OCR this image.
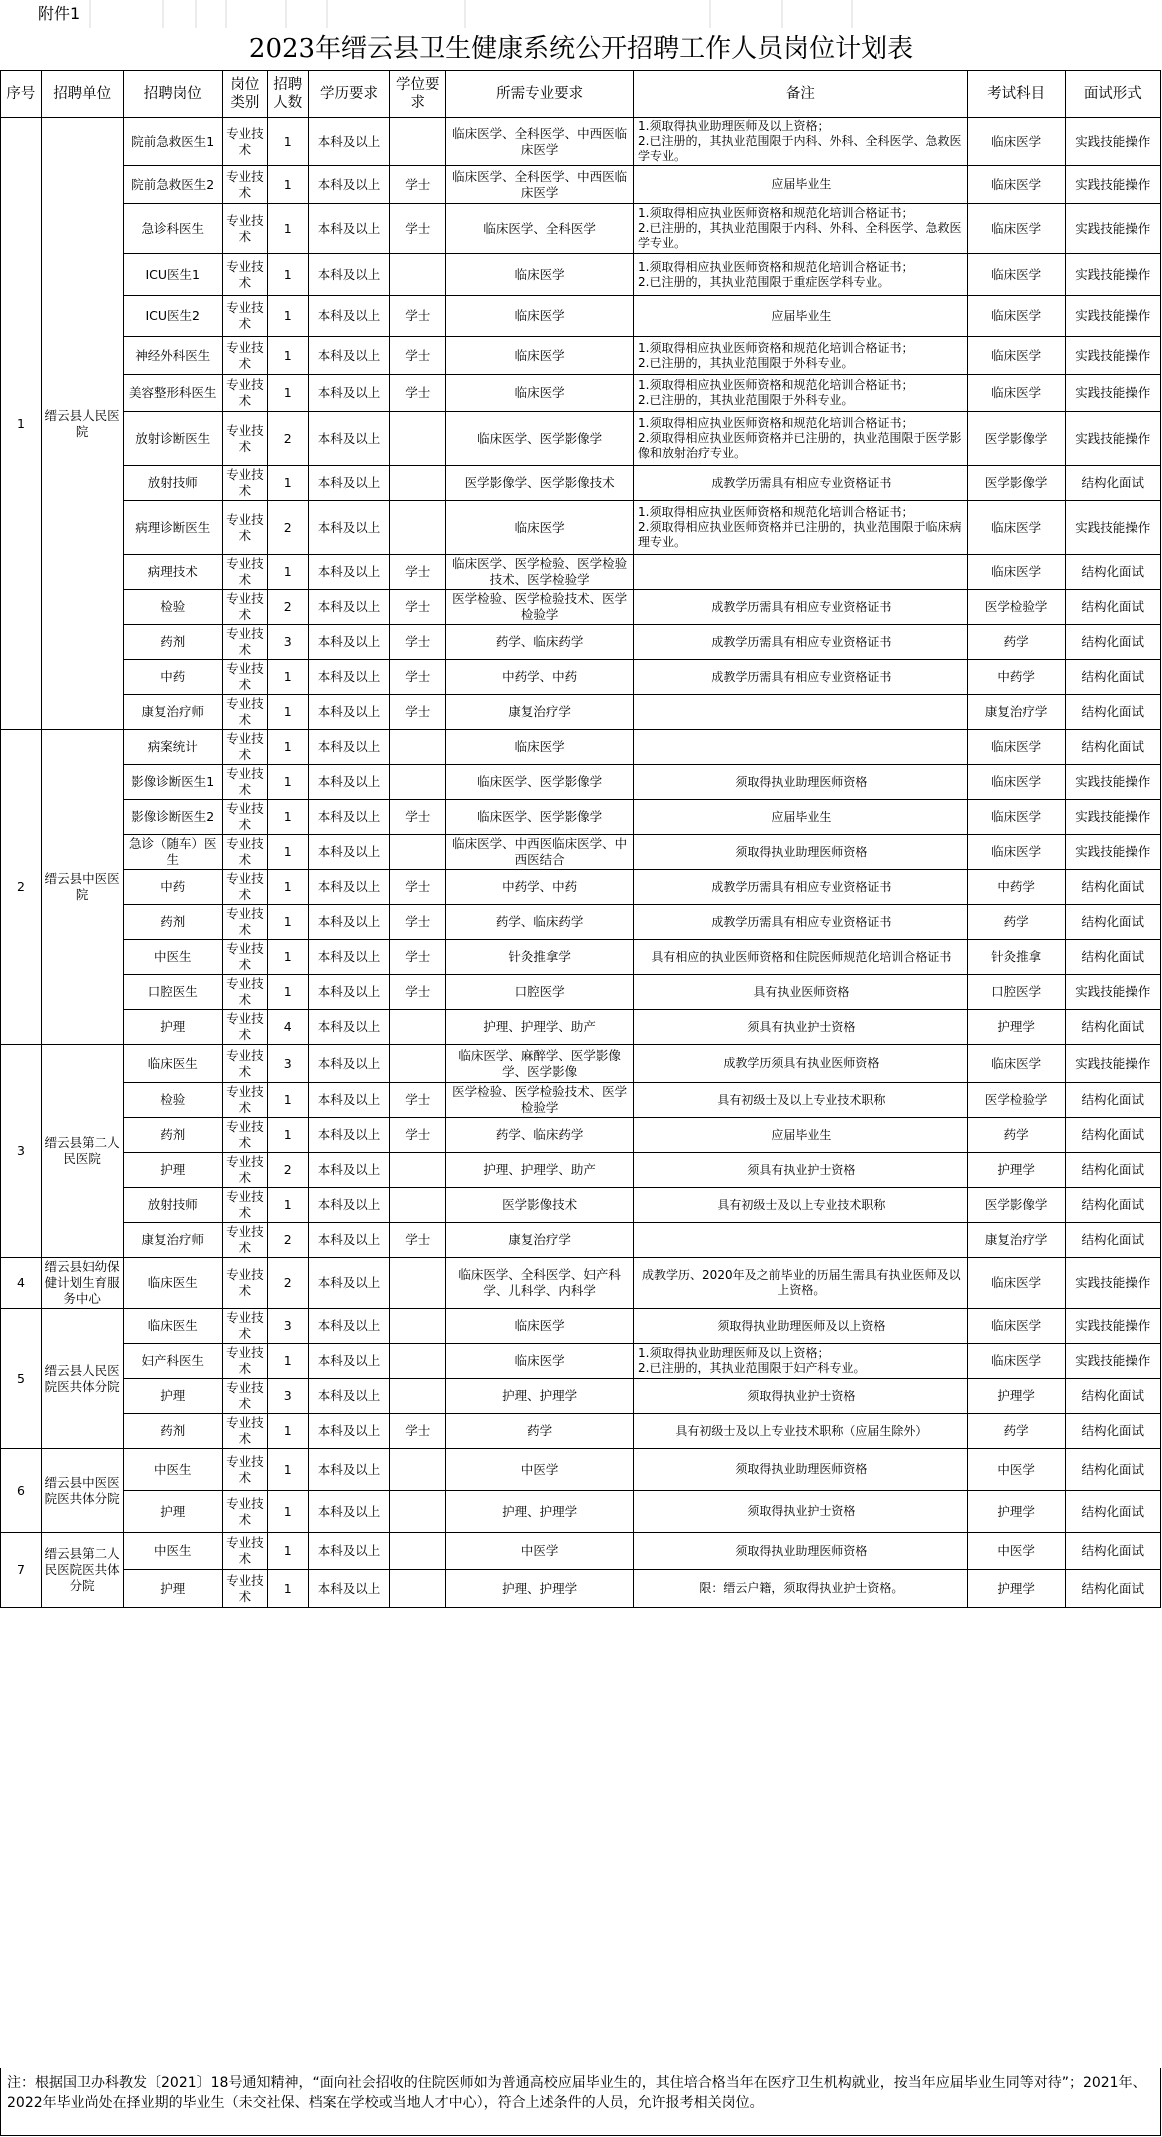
附件1
2023年缙云县卫生健康系统公开招聘工作人员岗位计划表
序号	招聘单位	招聘岗位	岗位类别	招聘人数	学历要求	学位要求	所需专业要求	备注	考试科目	面试形式
1	缙云县人民医院	院前急救医生1	专业技术	1	本科及以上		临床医学、全科医学、中西医临床医学	1.须取得执业助理医师及以上资格；
2.已注册的，其执业范围限于内科、外科、全科医学、急救医学专业。	临床医学	实践技能操作
		院前急救医生2	专业技术	1	本科及以上	学士	临床医学、全科医学、中西医临床医学	应届毕业生	临床医学	实践技能操作
		急诊科医生	专业技术	1	本科及以上	学士	临床医学、全科医学	1.须取得相应执业医师资格和规范化培训合格证书；
2.已注册的，其执业范围限于内科、外科、全科医学、急救医学专业。	临床医学	实践技能操作
		ICU医生1	专业技术	1	本科及以上		临床医学	1.须取得相应执业医师资格和规范化培训合格证书；
2.已注册的，其执业范围限于重症医学科专业。	临床医学	实践技能操作
		ICU医生2	专业技术	1	本科及以上	学士	临床医学	应届毕业生	临床医学	实践技能操作
		神经外科医生	专业技术	1	本科及以上	学士	临床医学	1.须取得相应执业医师资格和规范化培训合格证书；
2.已注册的，其执业范围限于外科专业。	临床医学	实践技能操作
		美容整形科医生	专业技术	1	本科及以上	学士	临床医学	1.须取得相应执业医师资格和规范化培训合格证书；
2.已注册的，其执业范围限于外科专业。	临床医学	实践技能操作
		放射诊断医生	专业技术	2	本科及以上		临床医学、医学影像学	1.须取得相应执业医师资格和规范化培训合格证书；
2.须取得相应执业医师资格并已注册的，执业范围限于医学影像和放射治疗专业。	医学影像学	实践技能操作
		放射技师	专业技术	1	本科及以上		医学影像学、医学影像技术	成教学历需具有相应专业资格证书	医学影像学	结构化面试
		病理诊断医生	专业技术	2	本科及以上		临床医学	1.须取得相应执业医师资格和规范化培训合格证书；
2.须取得相应执业医师资格并已注册的，执业范围限于临床病理专业。	临床医学	实践技能操作
		病理技术	专业技术	1	本科及以上	学士	临床医学、医学检验、医学检验技术、医学检验学		临床医学	结构化面试
		检验	专业技术	2	本科及以上	学士	医学检验、医学检验技术、医学检验学	成教学历需具有相应专业资格证书	医学检验学	结构化面试
		药剂	专业技术	3	本科及以上	学士	药学、临床药学	成教学历需具有相应专业资格证书	药学	结构化面试
		中药	专业技术	1	本科及以上	学士	中药学、中药	成教学历需具有相应专业资格证书	中药学	结构化面试
		康复治疗师	专业技术	1	本科及以上	学士	康复治疗学		康复治疗学	结构化面试
2	缙云县中医医院	病案统计	专业技术	1	本科及以上		临床医学		临床医学	结构化面试
		影像诊断医生1	专业技术	1	本科及以上		临床医学、医学影像学	须取得执业助理医师资格	临床医学	实践技能操作
		影像诊断医生2	专业技术	1	本科及以上	学士	临床医学、医学影像学	应届毕业生	临床医学	实践技能操作
		急诊（随车）医生	专业技术	1	本科及以上		临床医学、中西医临床医学、中西医结合	须取得执业助理医师资格	临床医学	实践技能操作
		中药	专业技术	1	本科及以上	学士	中药学、中药	成教学历需具有相应专业资格证书	中药学	结构化面试
		药剂	专业技术	1	本科及以上	学士	药学、临床药学	成教学历需具有相应专业资格证书	药学	结构化面试
		中医生	专业技术	1	本科及以上	学士	针灸推拿学	具有相应的执业医师资格和住院医师规范化培训合格证书	针灸推拿	结构化面试
		口腔医生	专业技术	1	本科及以上	学士	口腔医学	具有执业医师资格	口腔医学	实践技能操作
		护理	专业技术	4	本科及以上		护理、护理学、助产	须具有执业护士资格	护理学	结构化面试
3	缙云县第二人民医院	临床医生	专业技术	3	本科及以上		临床医学、麻醉学、医学影像学、医学影像	成教学历须具有执业医师资格	临床医学	实践技能操作
		检验	专业技术	1	本科及以上	学士	医学检验、医学检验技术、医学检验学	具有初级士及以上专业技术职称	医学检验学	结构化面试
		药剂	专业技术	1	本科及以上	学士	药学、临床药学	应届毕业生	药学	结构化面试
		护理	专业技术	2	本科及以上		护理、护理学、助产	须具有执业护士资格	护理学	结构化面试
		放射技师	专业技术	1	本科及以上		医学影像技术	具有初级士及以上专业技术职称	医学影像学	结构化面试
		康复治疗师	专业技术	2	本科及以上	学士	康复治疗学		康复治疗学	结构化面试
4	缙云县妇幼保健计划生育服务中心	临床医生	专业技术	2	本科及以上		临床医学、全科医学、妇产科学、儿科学、内科学	成教学历、2020年及之前毕业的历届生需具有执业医师及以上资格。	临床医学	实践技能操作
5	缙云县人民医院医共体分院	临床医生	专业技术	3	本科及以上		临床医学	须取得执业助理医师及以上资格	临床医学	实践技能操作
		妇产科医生	专业技术	1	本科及以上		临床医学	1.须取得执业助理医师及以上资格；
2.已注册的，其执业范围限于妇产科专业。	临床医学	实践技能操作
		护理	专业技术	3	本科及以上		护理、护理学	须取得执业护士资格	护理学	结构化面试
		药剂	专业技术	1	本科及以上	学士	药学	具有初级士及以上专业技术职称（应届生除外）	药学	结构化面试
6	缙云县中医医院医共体分院	中医生	专业技术	1	本科及以上		中医学	须取得执业助理医师资格	中医学	结构化面试
		护理	专业技术	1	本科及以上		护理、护理学	须取得执业护士资格	护理学	结构化面试
7	缙云县第二人民医院医共体分院	中医生	专业技术	1	本科及以上		中医学	须取得执业助理医师资格	中医学	结构化面试
		护理	专业技术	1	本科及以上		护理、护理学	限：缙云户籍，须取得执业护士资格。	护理学	结构化面试
注：根据国卫办科教发〔2021〕18号通知精神，“面向社会招收的住院医师如为普通高校应届毕业生的，其住培合格当年在医疗卫生机构就业，按当年应届毕业生同等对待”；2021年、2022年毕业尚处在择业期的毕业生（未交社保、档案在学校或当地人才中心），符合上述条件的人员，允许报考相关岗位。
